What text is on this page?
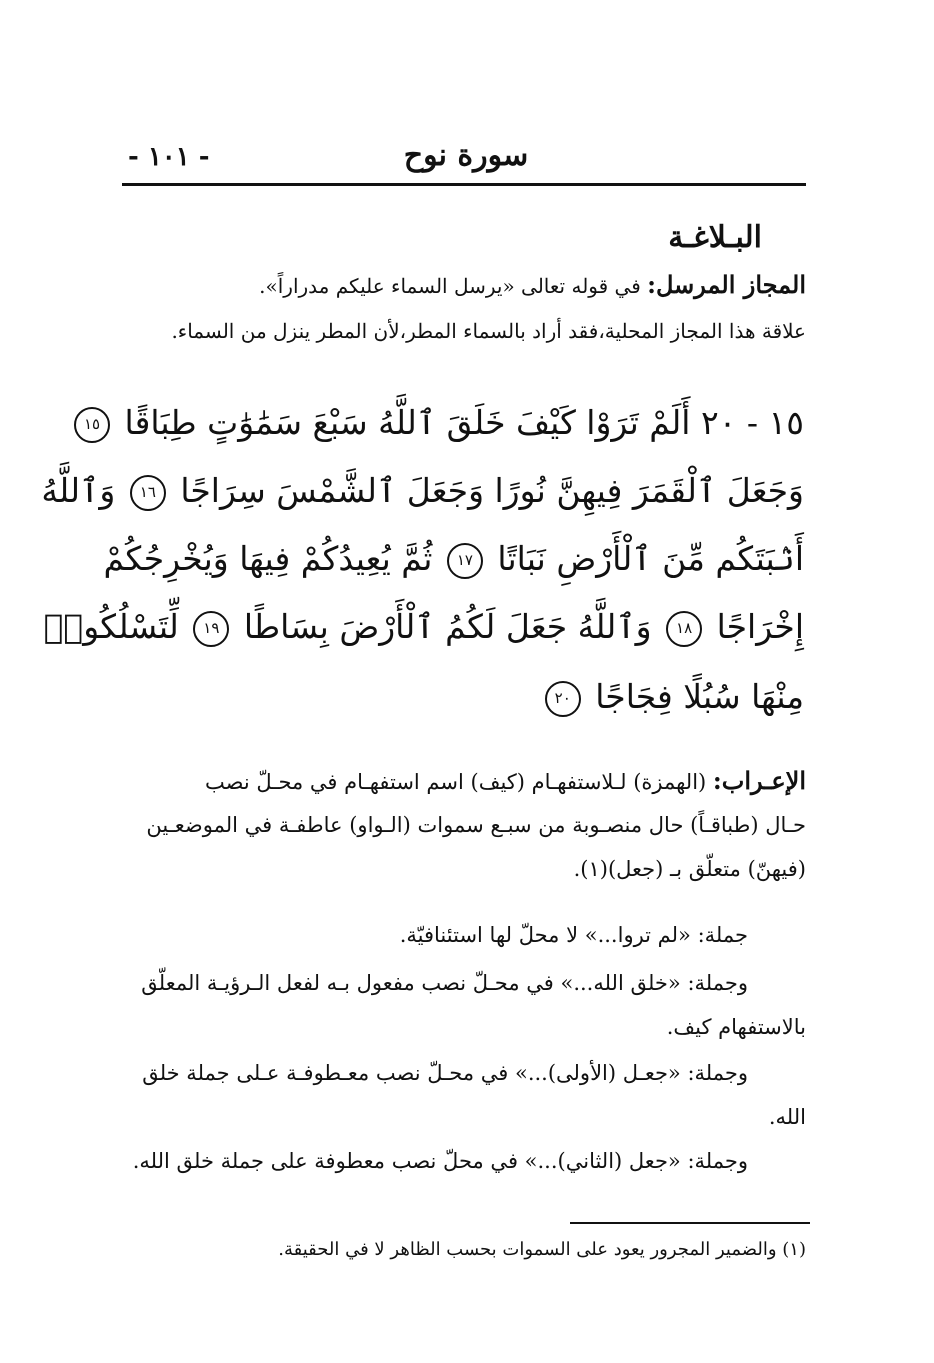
- ١٠١ -	سورة نوح
البـلاغـة
المجاز المرسل: في قوله تعالى «يرسل السماء عليكم مدراراً».
علاقة هذا المجاز المحلية،فقد أراد بالسماء المطر،لأن المطر ينزل من السماء.
١٥ - ٢٠ أَلَمْ تَرَوْا كَيْفَ خَلَقَ ٱللَّهُ سَبْعَ سَمَٰوَٰتٍ طِبَاقًا ١٥
وَجَعَلَ ٱلْقَمَرَ فِيهِنَّ نُورًا وَجَعَلَ ٱلشَّمْسَ سِرَاجًا ١٦ وَٱللَّهُ
أَنۢبَتَكُم مِّنَ ٱلْأَرْضِ نَبَاتًا ١٧ ثُمَّ يُعِيدُكُمْ فِيهَا وَيُخْرِجُكُمْ
إِخْرَاجًا ١٨ وَٱللَّهُ جَعَلَ لَكُمُ ٱلْأَرْضَ بِسَاطًا ١٩ لِّتَسْلُكُوا۟
مِنْهَا سُبُلًا فِجَاجًا ٢٠
الإعـراب: (الهمزة) لـلاستفهـام (كيف) اسم استفهـام في محـلّ نصب
حـال (طباقـاً) حال منصـوبة من سبـع سموات (الـواو) عاطفـة في الموضعـين
(فيهنّ) متعلّق بـ (جعل)(١).
جملة: «لم تروا...» لا محلّ لها استئنافيّة.
وجملة: «خلق الله...» في محـلّ نصب مفعول بـه لفعل الـرؤيـة المعلّق
بالاستفهام كيف.
وجملة: «جعـل (الأولى)...» في محـلّ نصب معـطوفـة عـلى جملة خلق
الله.
وجملة: «جعل (الثاني)...» في محلّ نصب معطوفة على جملة خلق الله.
(١) والضمير المجرور يعود على السموات بحسب الظاهر لا في الحقيقة.
